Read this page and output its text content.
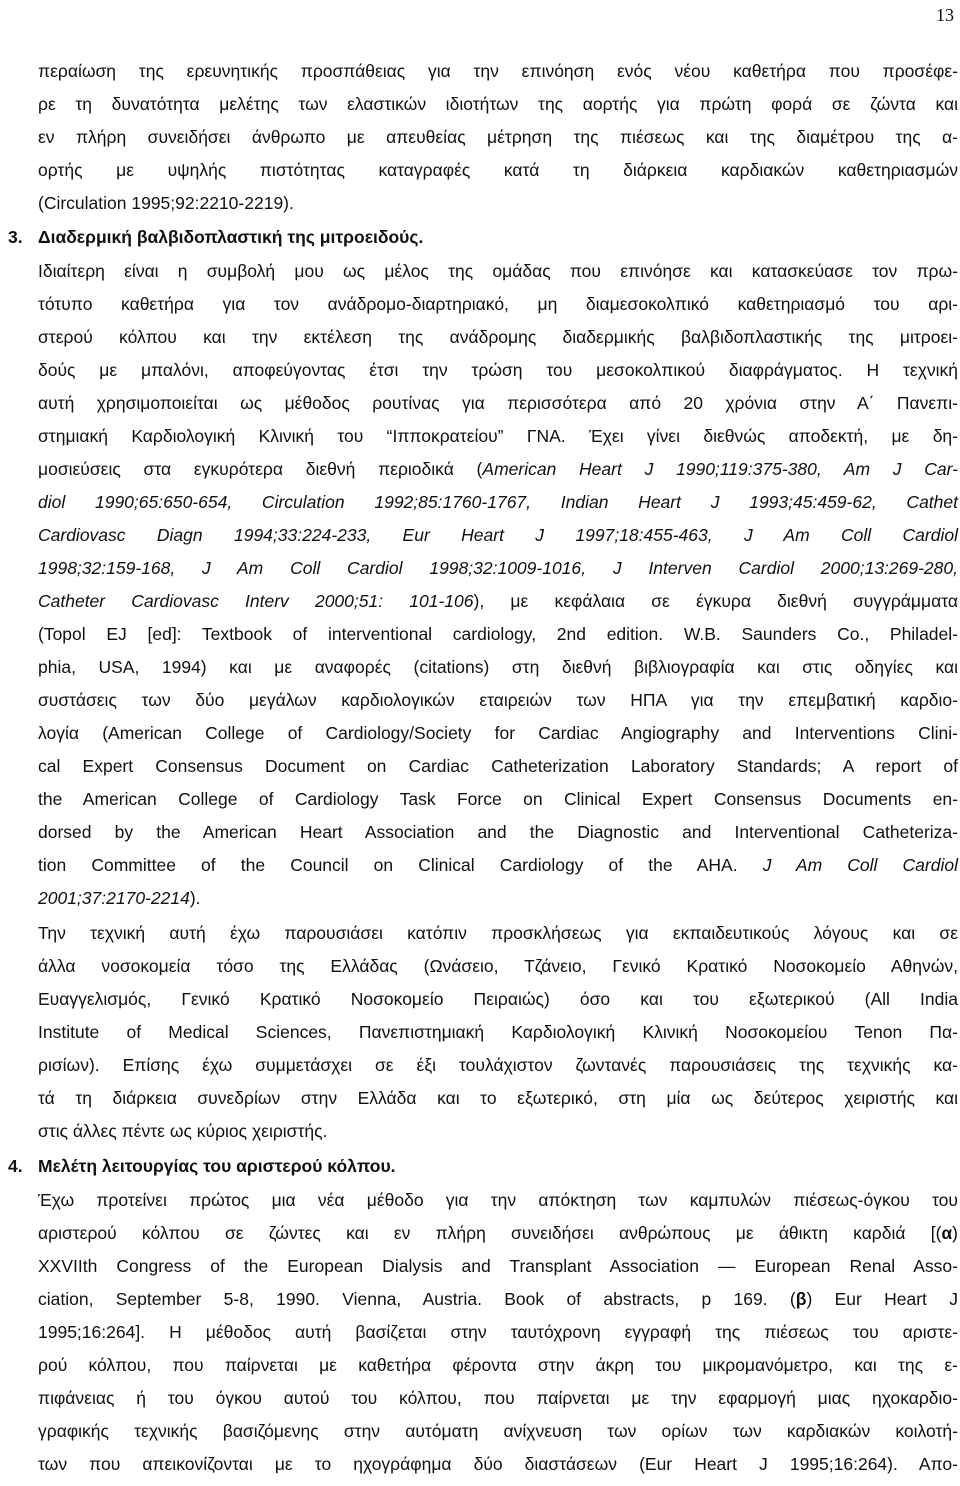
13
περαίωση της ερευνητικής προσπάθειας για την επινόηση ενός νέου καθετήρα που προσέφε-
ρε τη δυνατότητα μελέτης των ελαστικών ιδιοτήτων της αορτής για πρώτη φορά σε ζώντα και
εν πλήρη συνειδήσει άνθρωπο με απευθείας μέτρηση της πιέσεως και της διαμέτρου της α-
ορτής με υψηλής πιστότητας καταγραφές κατά τη διάρκεια καρδιακών καθετηριασμών
(Circulation 1995;92:2210-2219).
3. Διαδερμική βαλβιδοπλαστική της μιτροειδούς.
Ιδιαίτερη είναι η συμβολή μου ως μέλος της ομάδας που επινόησε και κατασκεύασε τον πρω-
τότυπο καθετήρα για τον ανάδρομο-διαρτηριακό, μη διαμεσοκολπικό καθετηριασμό του αρι-
στερού κόλπου και την εκτέλεση της ανάδρομης διαδερμικής βαλβιδοπλαστικής της μιτροει-
δούς με μπαλόνι, αποφεύγοντας έτσι την τρώση του μεσοκολπικού διαφράγματος. Η τεχνική
αυτή χρησιμοποιείται ως μέθοδος ρουτίνας για περισσότερα από 20 χρόνια στην Α΄ Πανεπι-
στημιακή Καρδιολογική Κλινική του “Ιπποκρατείου” ΓΝΑ. Έχει γίνει διεθνώς αποδεκτή, με δη-
μοσιεύσεις στα εγκυρότερα διεθνή περιοδικά (American Heart J 1990;119:375-380, Am J Car-
diol 1990;65:650-654, Circulation 1992;85:1760-1767, Indian Heart J 1993;45:459-62, Cathet
Cardiovasc Diagn 1994;33:224-233, Eur Heart J 1997;18:455-463, J Am Coll Cardiol
1998;32:159-168, J Am Coll Cardiol 1998;32:1009-1016, J Interven Cardiol 2000;13:269-280,
Catheter Cardiovasc Interv 2000;51: 101-106), με κεφάλαια σε έγκυρα διεθνή συγγράμματα
(Topol EJ [ed]: Textbook of interventional cardiology, 2nd edition. W.B. Saunders Co., Philadel-
phia, USA, 1994) και με αναφορές (citations) στη διεθνή βιβλιογραφία και στις οδηγίες και
συστάσεις των δύο μεγάλων καρδιολογικών εταιρειών των ΗΠΑ για την επεμβατική καρδιο-
λογία (American College of Cardiology/Society for Cardiac Angiography and Interventions Clini-
cal Expert Consensus Document on Cardiac Catheterization Laboratory Standards; A report of
the American College of Cardiology Task Force on Clinical Expert Consensus Documents en-
dorsed by the American Heart Association and the Diagnostic and Interventional Catheteriza-
tion Committee of the Council on Clinical Cardiology of the AHA. J Am Coll Cardiol
2001;37:2170-2214).
Την τεχνική αυτή έχω παρουσιάσει κατόπιν προσκλήσεως για εκπαιδευτικούς λόγους και σε
άλλα νοσοκομεία τόσο της Ελλάδας (Ωνάσειο, Τζάνειο, Γενικό Κρατικό Νοσοκομείο Αθηνών,
Ευαγγελισμός, Γενικό Κρατικό Νοσοκομείο Πειραιώς) όσο και του εξωτερικού (All India
Institute of Medical Sciences, Πανεπιστημιακή Καρδιολογική Κλινική Νοσοκομείου Tenon Πα-
ρισίων). Επίσης έχω συμμετάσχει σε έξι τουλάχιστον ζωντανές παρουσιάσεις της τεχνικής κα-
τά τη διάρκεια συνεδρίων στην Ελλάδα και το εξωτερικό, στη μία ως δεύτερος χειριστής και
στις άλλες πέντε ως κύριος χειριστής.
4. Μελέτη λειτουργίας του αριστερού κόλπου.
Έχω προτείνει πρώτος μια νέα μέθοδο για την απόκτηση των καμπυλών πιέσεως-όγκου του
αριστερού κόλπου σε ζώντες και εν πλήρη συνειδήσει ανθρώπους με άθικτη καρδιά [(α)
XXVIIth Congress of the European Dialysis and Transplant Association — European Renal Asso-
ciation, September 5-8, 1990. Vienna, Austria. Book of abstracts, p 169. (β) Eur Heart J
1995;16:264]. Η μέθοδος αυτή βασίζεται στην ταυτόχρονη εγγραφή της πιέσεως του αριστε-
ρού κόλπου, που παίρνεται με καθετήρα φέροντα στην άκρη του μικρομανόμετρο, και της ε-
πιφάνειας ή του όγκου αυτού του κόλπου, που παίρνεται με την εφαρμογή μιας ηχοκαρδιο-
γραφικής τεχνικής βασιζόμενης στην αυτόματη ανίχνευση των ορίων των καρδιακών κοιλοτή-
των που απεικονίζονται με το ηχογράφημα δύο διαστάσεων (Eur Heart J 1995;16:264). Απο-
